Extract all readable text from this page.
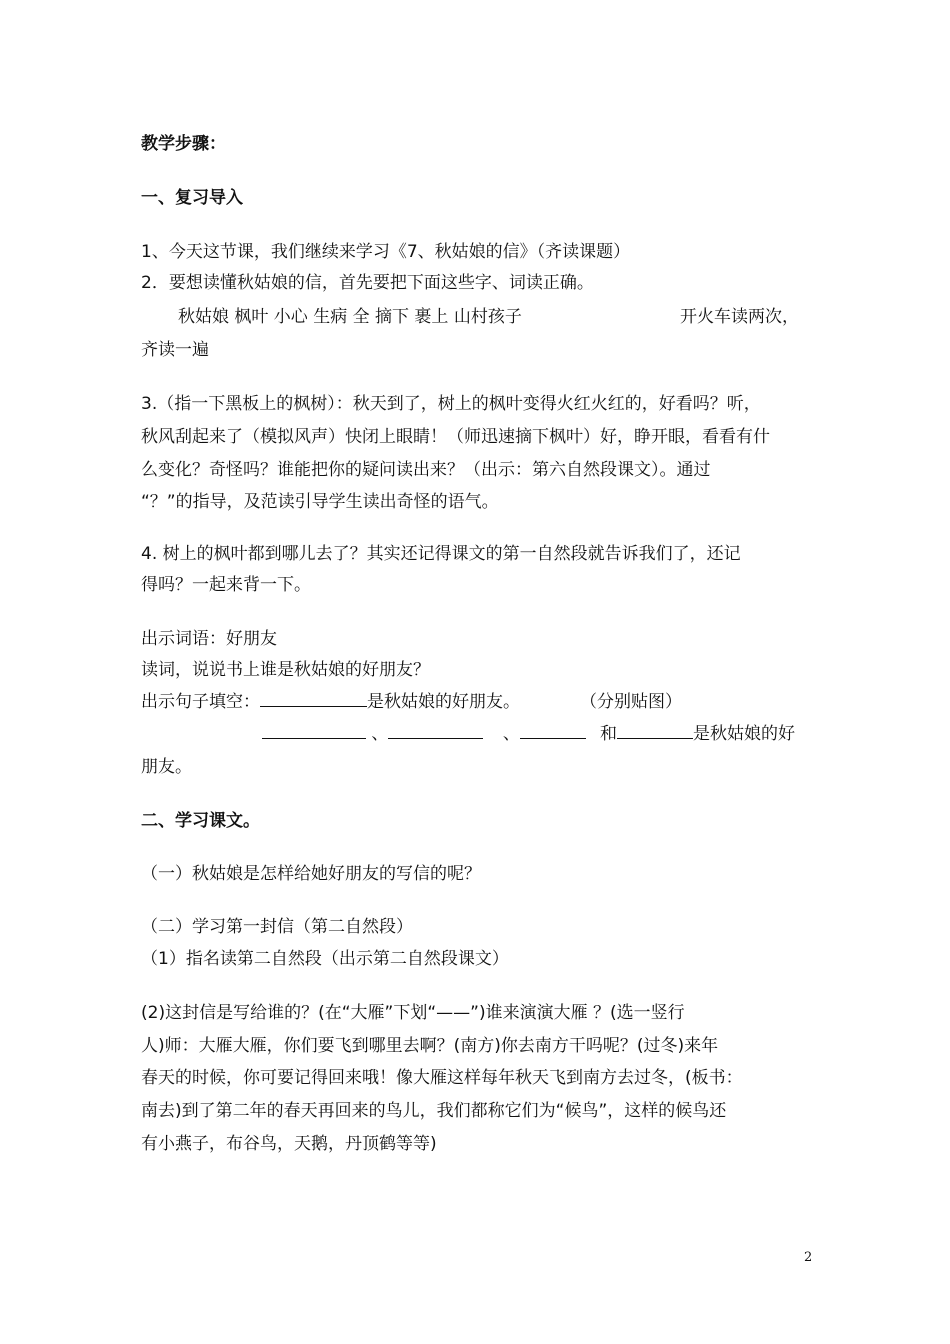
教学步骤：

一、复习导入

1、今天这节课，我们继续来学习《7、秋姑娘的信》（齐读课题）

2．要想读懂秋姑娘的信，首先要把下面这些字、词读正确。

秋姑娘 枫叶 小心 生病 全 摘下 裹上 山村孩子	开火车读两次，

齐读一遍

3.（指一下黑板上的枫树）：秋天到了，树上的枫叶变得火红火红的，好看吗？听，

秋风刮起来了（模拟风声）快闭上眼睛！（师迅速摘下枫叶）好，睁开眼，看看有什

么变化？奇怪吗？谁能把你的疑问读出来？（出示：第六自然段课文）。通过

“？”的指导，及范读引导学生读出奇怪的语气。

4. 树上的枫叶都到哪儿去了？其实还记得课文的第一自然段就告诉我们了，还记

得吗？一起来背一下。

出示词语：好朋友

读词，说说书上谁是秋姑娘的好朋友？

出示句子填空：	是秋姑娘的好朋友。	（分别贴图）

、	、	和	是秋姑娘的好

朋友。

二、学习课文。

（一）秋姑娘是怎样给她好朋友的写信的呢？

（二）学习第一封信（第二自然段）

（1）指名读第二自然段（出示第二自然段课文）

(2)这封信是写给谁的？(在“大雁”下划“——”)谁来演演大雁 ？(选一竖行

人)师：大雁大雁，你们要飞到哪里去啊？(南方)你去南方干吗呢？(过冬)来年

春天的时候，你可要记得回来哦！像大雁这样每年秋天飞到南方去过冬，(板书：

南去)到了第二年的春天再回来的鸟儿，我们都称它们为“候鸟”，这样的候鸟还

有小燕子，布谷鸟，天鹅，丹顶鹤等等)

2
